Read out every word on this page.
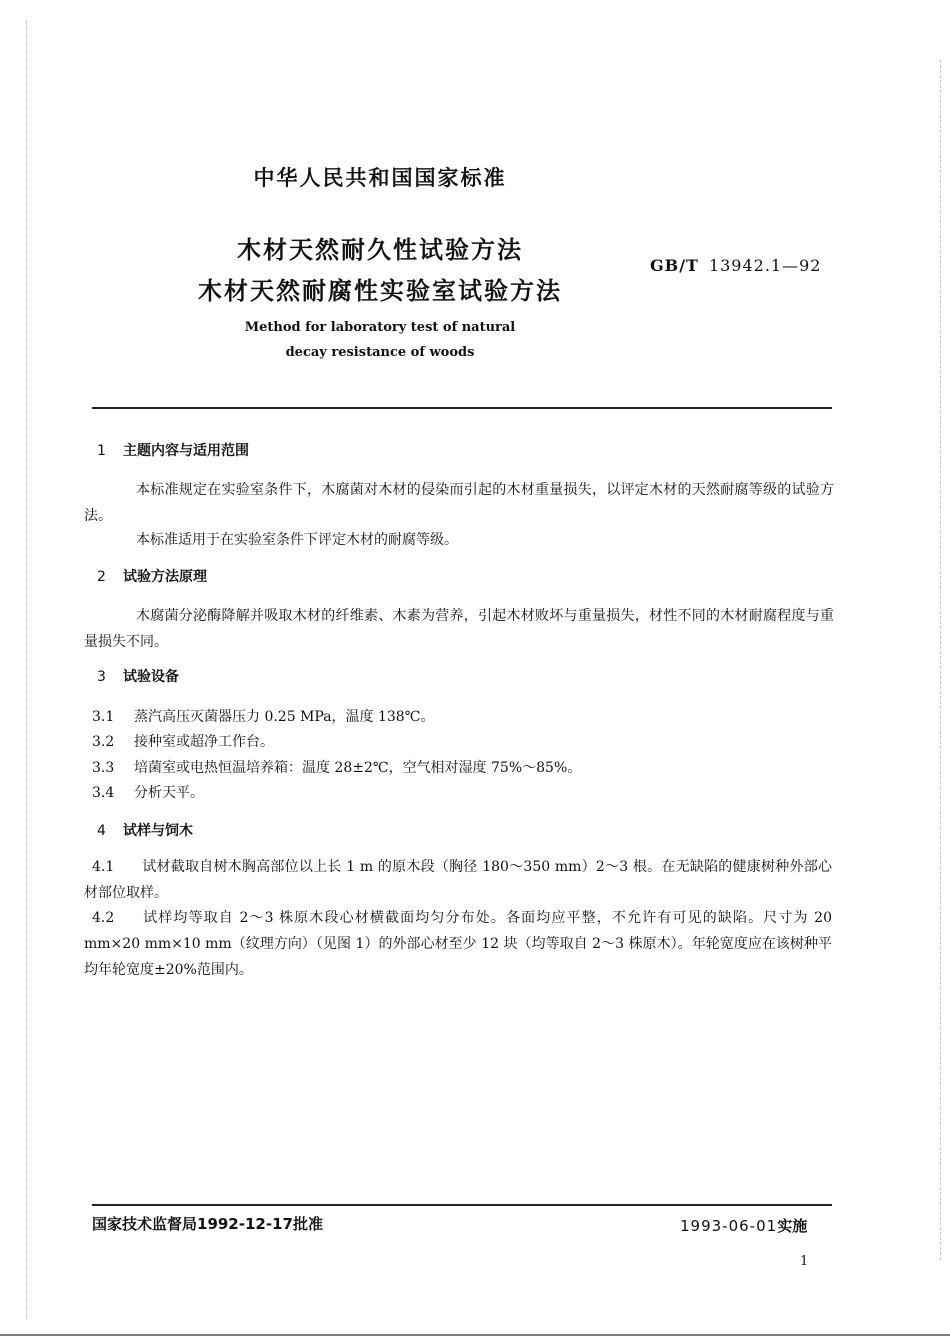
中华人民共和国国家标准
木材天然耐久性试验方法
木材天然耐腐性实验室试验方法
GB/T 13942.1—92
Method for laboratory test of natural
decay resistance of woods
1 主题内容与适用范围
本标准规定在实验室条件下，木腐菌对木材的侵染而引起的木材重量损失，以评定木材的天然耐腐等级的试验方法。
本标准适用于在实验室条件下评定木材的耐腐等级。
2 试验方法原理
木腐菌分泌酶降解并吸取木材的纤维素、木素为营养，引起木材败坏与重量损失，材性不同的木材耐腐程度与重量损失不同。
3 试验设备
3.1 蒸汽高压灭菌器压力 0.25 MPa，温度 138℃。
3.2 接种室或超净工作台。
3.3 培菌室或电热恒温培养箱：温度 28±2℃，空气相对湿度 75%～85%。
3.4 分析天平。
4 试样与饲木
4.1 试材截取自树木胸高部位以上长 1 m 的原木段（胸径 180～350 mm）2～3 根。在无缺陷的健康树种外部心材部位取样。
4.2 试样均等取自 2～3 株原木段心材横截面均匀分布处。各面均应平整，不允许有可见的缺陷。尺寸为 20 mm×20 mm×10 mm（纹理方向）（见图 1）的外部心材至少 12 块（均等取自 2～3 株原木）。年轮宽度应在该树种平均年轮宽度±20%范围内。
国家技术监督局1992-12-17批准	1993-06-01实施
1
